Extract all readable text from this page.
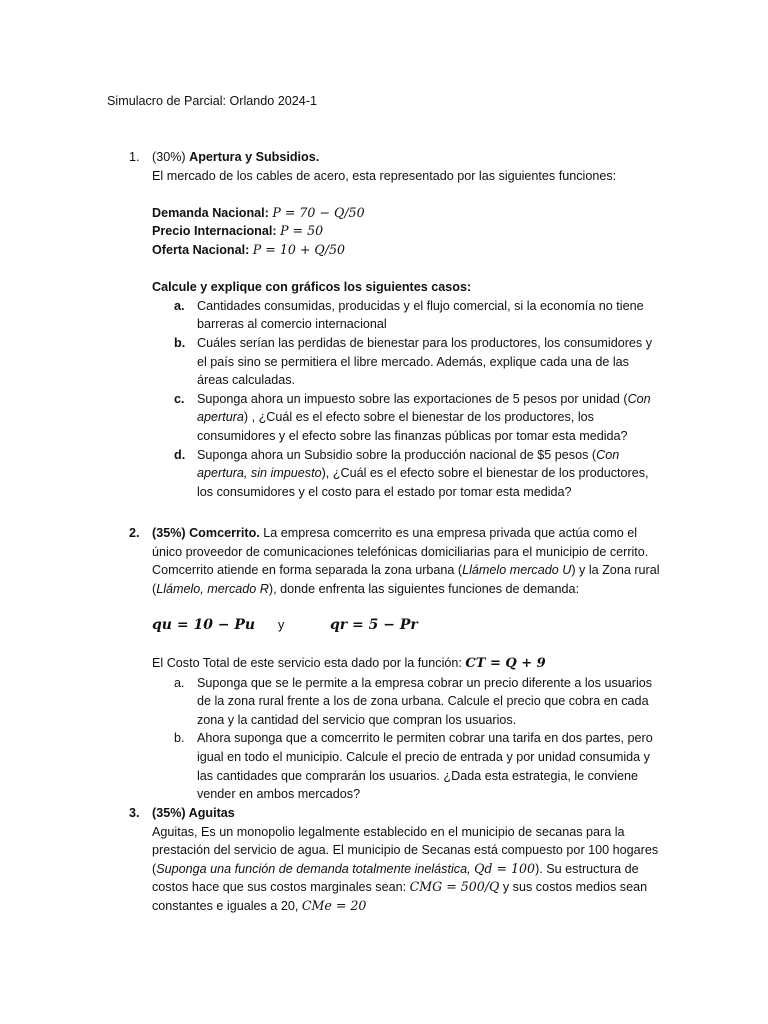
Simulacro de Parcial: Orlando 2024-1
1. (30%) Apertura y Subsidios.
El mercado de los cables de acero, esta representado por las siguientes funciones:
Demanda Nacional: P = 70 − Q/50
Precio Internacional: P = 50
Oferta Nacional: P = 10 + Q/50
Calcule y explique con gráficos los siguientes casos:
a. Cantidades consumidas, producidas y el flujo comercial, si la economía no tiene barreras al comercio internacional
b. Cuáles serían las perdidas de bienestar para los productores, los consumidores y el país sino se permitiera el libre mercado. Además, explique cada una de las áreas calculadas.
c. Suponga ahora un impuesto sobre las exportaciones de 5 pesos por unidad (Con apertura) , ¿Cuál es el efecto sobre el bienestar de los productores, los consumidores y el efecto sobre las finanzas públicas por tomar esta medida?
d. Suponga ahora un Subsidio sobre la producción nacional de $5 pesos (Con apertura, sin impuesto), ¿Cuál es el efecto sobre el bienestar de los productores, los consumidores y el costo para el estado por tomar esta medida?
2. (35%) Comcerrito. La empresa comcerrito es una empresa privada que actúa como el único proveedor de comunicaciones telefónicas domiciliarias para el municipio de cerrito. Comcerrito atiende en forma separada la zona urbana (Llámelo mercado U) y la Zona rural (Llámelo, mercado R), donde enfrenta las siguientes funciones de demanda:
qu = 10 − Pu y	qr = 5 − Pr
El Costo Total de este servicio esta dado por la función: CT = Q + 9
a. Suponga que se le permite a la empresa cobrar un precio diferente a los usuarios de la zona rural frente a los de zona urbana. Calcule el precio que cobra en cada zona y la cantidad del servicio que compran los usuarios.
b. Ahora suponga que a comcerrito le permiten cobrar una tarifa en dos partes, pero igual en todo el municipio. Calcule el precio de entrada y por unidad consumida y las cantidades que comprarán los usuarios. ¿Dada esta estrategia, le conviene vender en ambos mercados?
3. (35%) Aguitas
Aguitas, Es un monopolio legalmente establecido en el municipio de secanas para la prestación del servicio de agua. El municipio de Secanas está compuesto por 100 hogares (Suponga una función de demanda totalmente inelástica, Qd = 100). Su estructura de costos hace que sus costos marginales sean: CMG = 500/Q y sus costos medios sean constantes e iguales a 20, CMe = 20
